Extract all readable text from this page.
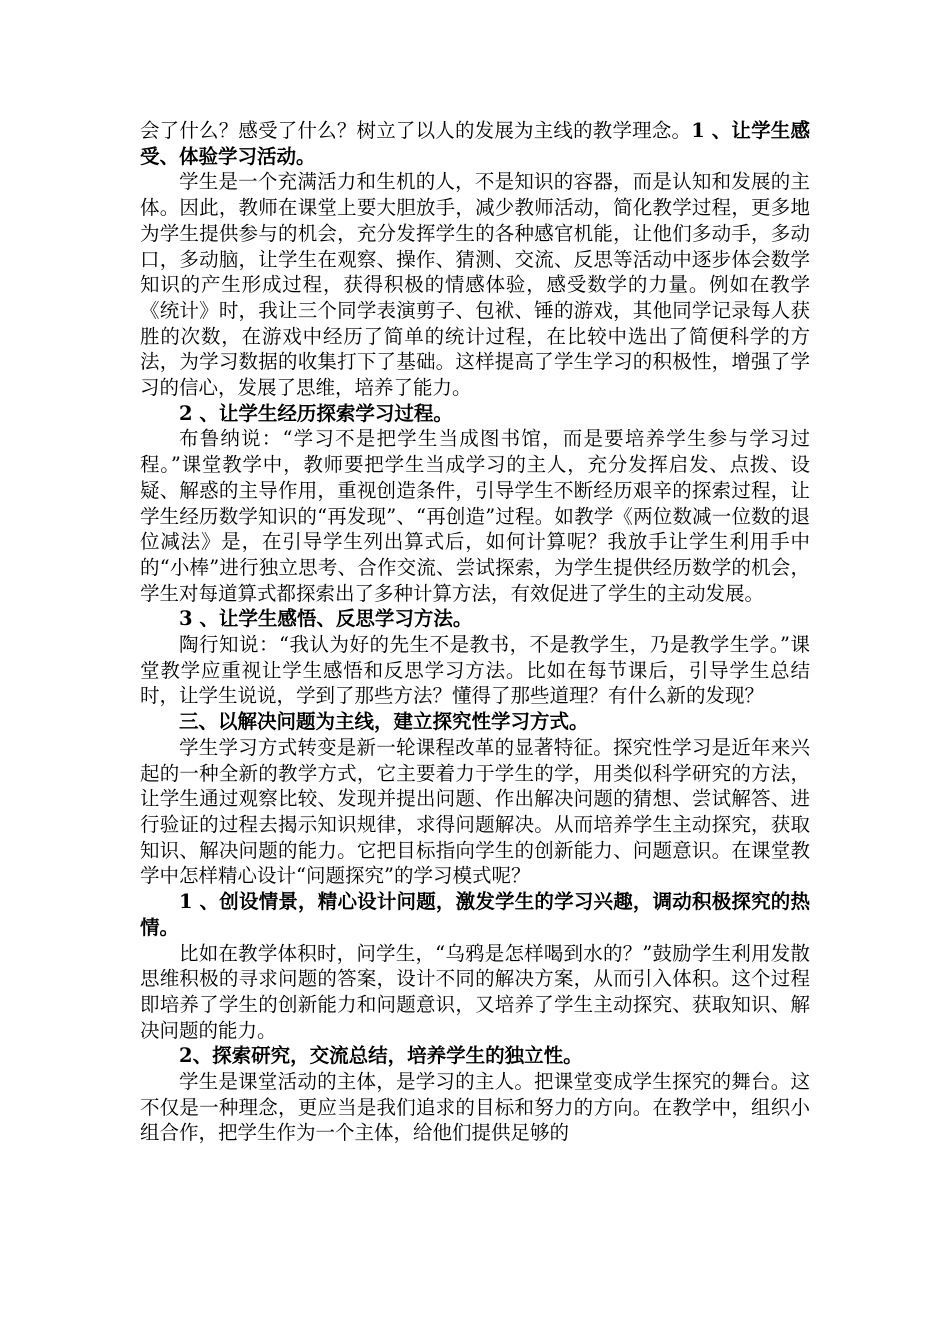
会了什么？感受了什么？树立了以人的发展为主线的教学理念。1 、让学生感受、体验学习活动。

学生是一个充满活力和生机的人，不是知识的容器，而是认知和发展的主体。因此，教师在课堂上要大胆放手，减少教师活动，简化教学过程，更多地为学生提供参与的机会，充分发挥学生的各种感官机能，让他们多动手，多动口，多动脑，让学生在观察、操作、猜测、交流、反思等活动中逐步体会数学知识的产生形成过程，获得积极的情感体验，感受数学的力量。例如在教学《统计》时，我让三个同学表演剪子、包袱、锤的游戏，其他同学记录每人获胜的次数，在游戏中经历了简单的统计过程，在比较中选出了简便科学的方法，为学习数据的收集打下了基础。这样提高了学生学习的积极性，增强了学习的信心，发展了思维，培养了能力。

2 、让学生经历探索学习过程。

布鲁纳说：“学习不是把学生当成图书馆，而是要培养学生参与学习过程。”课堂教学中，教师要把学生当成学习的主人，充分发挥启发、点拨、设疑、解惑的主导作用，重视创造条件，引导学生不断经历艰辛的探索过程，让学生经历数学知识的“再发现”、“再创造”过程。如教学《两位数减一位数的退位减法》是，在引导学生列出算式后，如何计算呢？我放手让学生利用手中的“小棒”进行独立思考、合作交流、尝试探索，为学生提供经历数学的机会，学生对每道算式都探索出了多种计算方法，有效促进了学生的主动发展。

3 、让学生感悟、反思学习方法。

陶行知说：“我认为好的先生不是教书，不是教学生，乃是教学生学。”课堂教学应重视让学生感悟和反思学习方法。比如在每节课后，引导学生总结时，让学生说说，学到了那些方法？懂得了那些道理？有什么新的发现？

三、以解决问题为主线，建立探究性学习方式。

学生学习方式转变是新一轮课程改革的显著特征。探究性学习是近年来兴起的一种全新的教学方式，它主要着力于学生的学，用类似科学研究的方法，让学生通过观察比较、发现并提出问题、作出解决问题的猜想、尝试解答、进行验证的过程去揭示知识规律，求得问题解决。从而培养学生主动探究，获取知识、解决问题的能力。它把目标指向学生的创新能力、问题意识。在课堂教学中怎样精心设计“问题探究”的学习模式呢？

1 、创设情景，精心设计问题，激发学生的学习兴趣，调动积极探究的热情。

比如在教学体积时，问学生，“乌鸦是怎样喝到水的？”鼓励学生利用发散思维积极的寻求问题的答案，设计不同的解决方案，从而引入体积。这个过程即培养了学生的创新能力和问题意识，又培养了学生主动探究、获取知识、解决问题的能力。

2、探索研究，交流总结，培养学生的独立性。

学生是课堂活动的主体，是学习的主人。把课堂变成学生探究的舞台。这不仅是一种理念，更应当是我们追求的目标和努力的方向。在教学中，组织小组合作，把学生作为一个主体，给他们提供足够的
